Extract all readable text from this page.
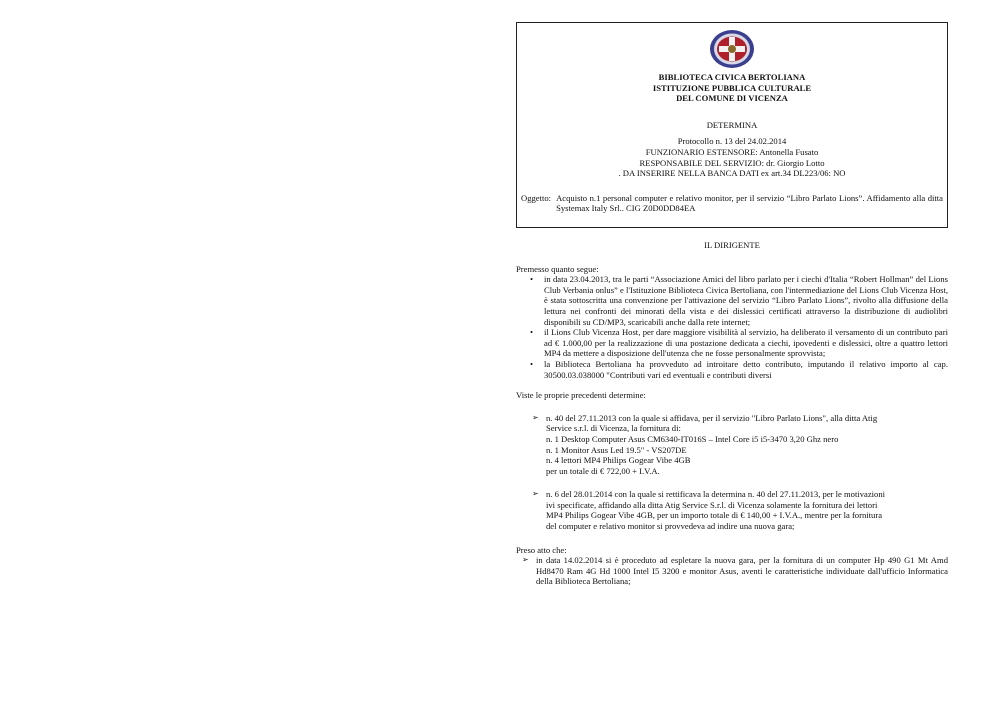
BIBLIOTECA CIVICA BERTOLIANA
ISTITUZIONE PUBBLICA CULTURALE
DEL COMUNE DI VICENZA
DETERMINA
Protocollo n. 13 del 24.02.2014
FUNZIONARIO ESTENSORE: Antonella Fusato
RESPONSABILE DEL SERVIZIO: dr. Giorgio Lotto
. DA INSERIRE NELLA BANCA DATI ex art.34 DL223/06: NO
Oggetto: Acquisto n.1 personal computer e relativo monitor, per il servizio “Libro Parlato Lions”. Affidamento alla ditta Systemax Italy Srl.. CIG Z0D0DD84EA
IL DIRIGENTE
Premesso quanto segue:
• in data 23.04.2013, tra le parti “Associazione Amici del libro parlato per i ciechi d'Italia “Robert Hollman” del Lions Club Verbania onlus” e l'Istituzione Biblioteca Civica Bertoliana, con l'intermediazione del Lions Club Vicenza Host, è stata sottoscritta una convenzione per l'attivazione del servizio “Libro Parlato Lions”, rivolto alla diffusione della lettura nei confronti dei minorati della vista e dei dislessici certificati attraverso la distribuzione di audiolibri disponibili su CD/MP3, scaricabili anche dalla rete internet;
• il Lions Club Vicenza Host, per dare maggiore visibilità al servizio, ha deliberato il versamento di un contributo pari ad € 1.000,00 per la realizzazione di una postazione dedicata a ciechi, ipovedenti e dislessici, oltre a quattro lettori MP4 da mettere a disposizione dell'utenza che ne fosse personalmente sprovvista;
• la Biblioteca Bertoliana ha provveduto ad introitare detto contributo, imputando il relativo importo al cap. 30500.03.038000 "Contributi vari ed eventuali e contributi diversi
Viste le proprie precedenti determine:
➢ n. 40 del 27.11.2013 con la quale si affidava, per il servizio "Libro Parlato Lions", alla ditta Atig
Service s.r.l. di Vicenza, la fornitura di:
n. 1 Desktop Computer Asus CM6340-IT016S – Intel Core i5 i5-3470 3,20 Ghz nero
n. 1 Monitor Asus Led 19.5" - VS207DE
n. 4 lettori MP4 Philips Gogear Vibe 4GB
per un totale di € 722,00 + I.V.A.
➢ n. 6 del 28.01.2014 con la quale si rettificava la determina n. 40 del 27.11.2013, per le motivazioni
ivi specificate, affidando alla ditta Atig Service S.r.l. di Vicenza solamente la fornitura dei lettori
MP4 Philips Gogear Vibe 4GB, per un importo totale di € 140,00 + I.V.A., mentre per la fornitura
del computer e relativo monitor si provvedeva ad indire una nuova gara;
Preso atto che:
➢ in data 14.02.2014 si è proceduto ad espletare la nuova gara, per la fornitura di un computer Hp 490 G1 Mt Amd Hd8470 Ram 4G Hd 1000 Intel I5 3200 e monitor Asus, aventi le caratteristiche individuate dall'ufficio Informatica della Biblioteca Bertoliana;
